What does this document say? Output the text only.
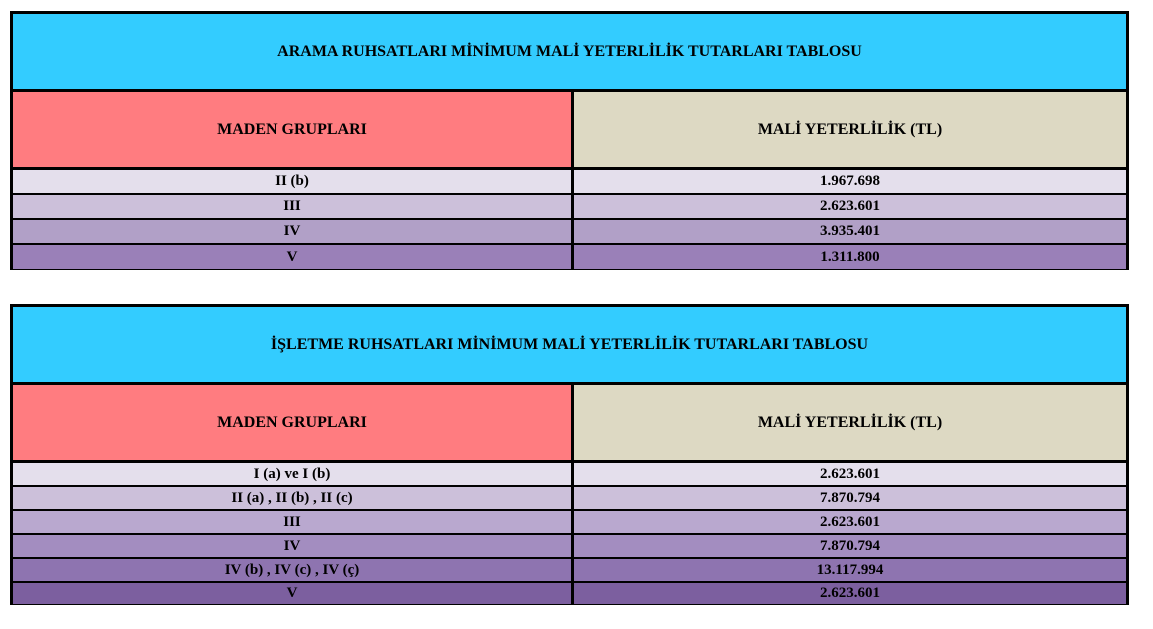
ARAMA RUHSATLARI MİNİMUM MALİ YETERLİLİK TUTARLARI TABLOSU
MADEN GRUPLARI	MALİ YETERLİLİK (TL)
II (b)	1.967.698
III	2.623.601
IV	3.935.401
V	1.311.800
İŞLETME RUHSATLARI MİNİMUM MALİ YETERLİLİK TUTARLARI TABLOSU
MADEN GRUPLARI	MALİ YETERLİLİK (TL)
I (a) ve I (b)	2.623.601
II (a) , II (b) , II (c)	7.870.794
III	2.623.601
IV	7.870.794
IV (b) , IV (c) , IV (ç)	13.117.994
V	2.623.601
